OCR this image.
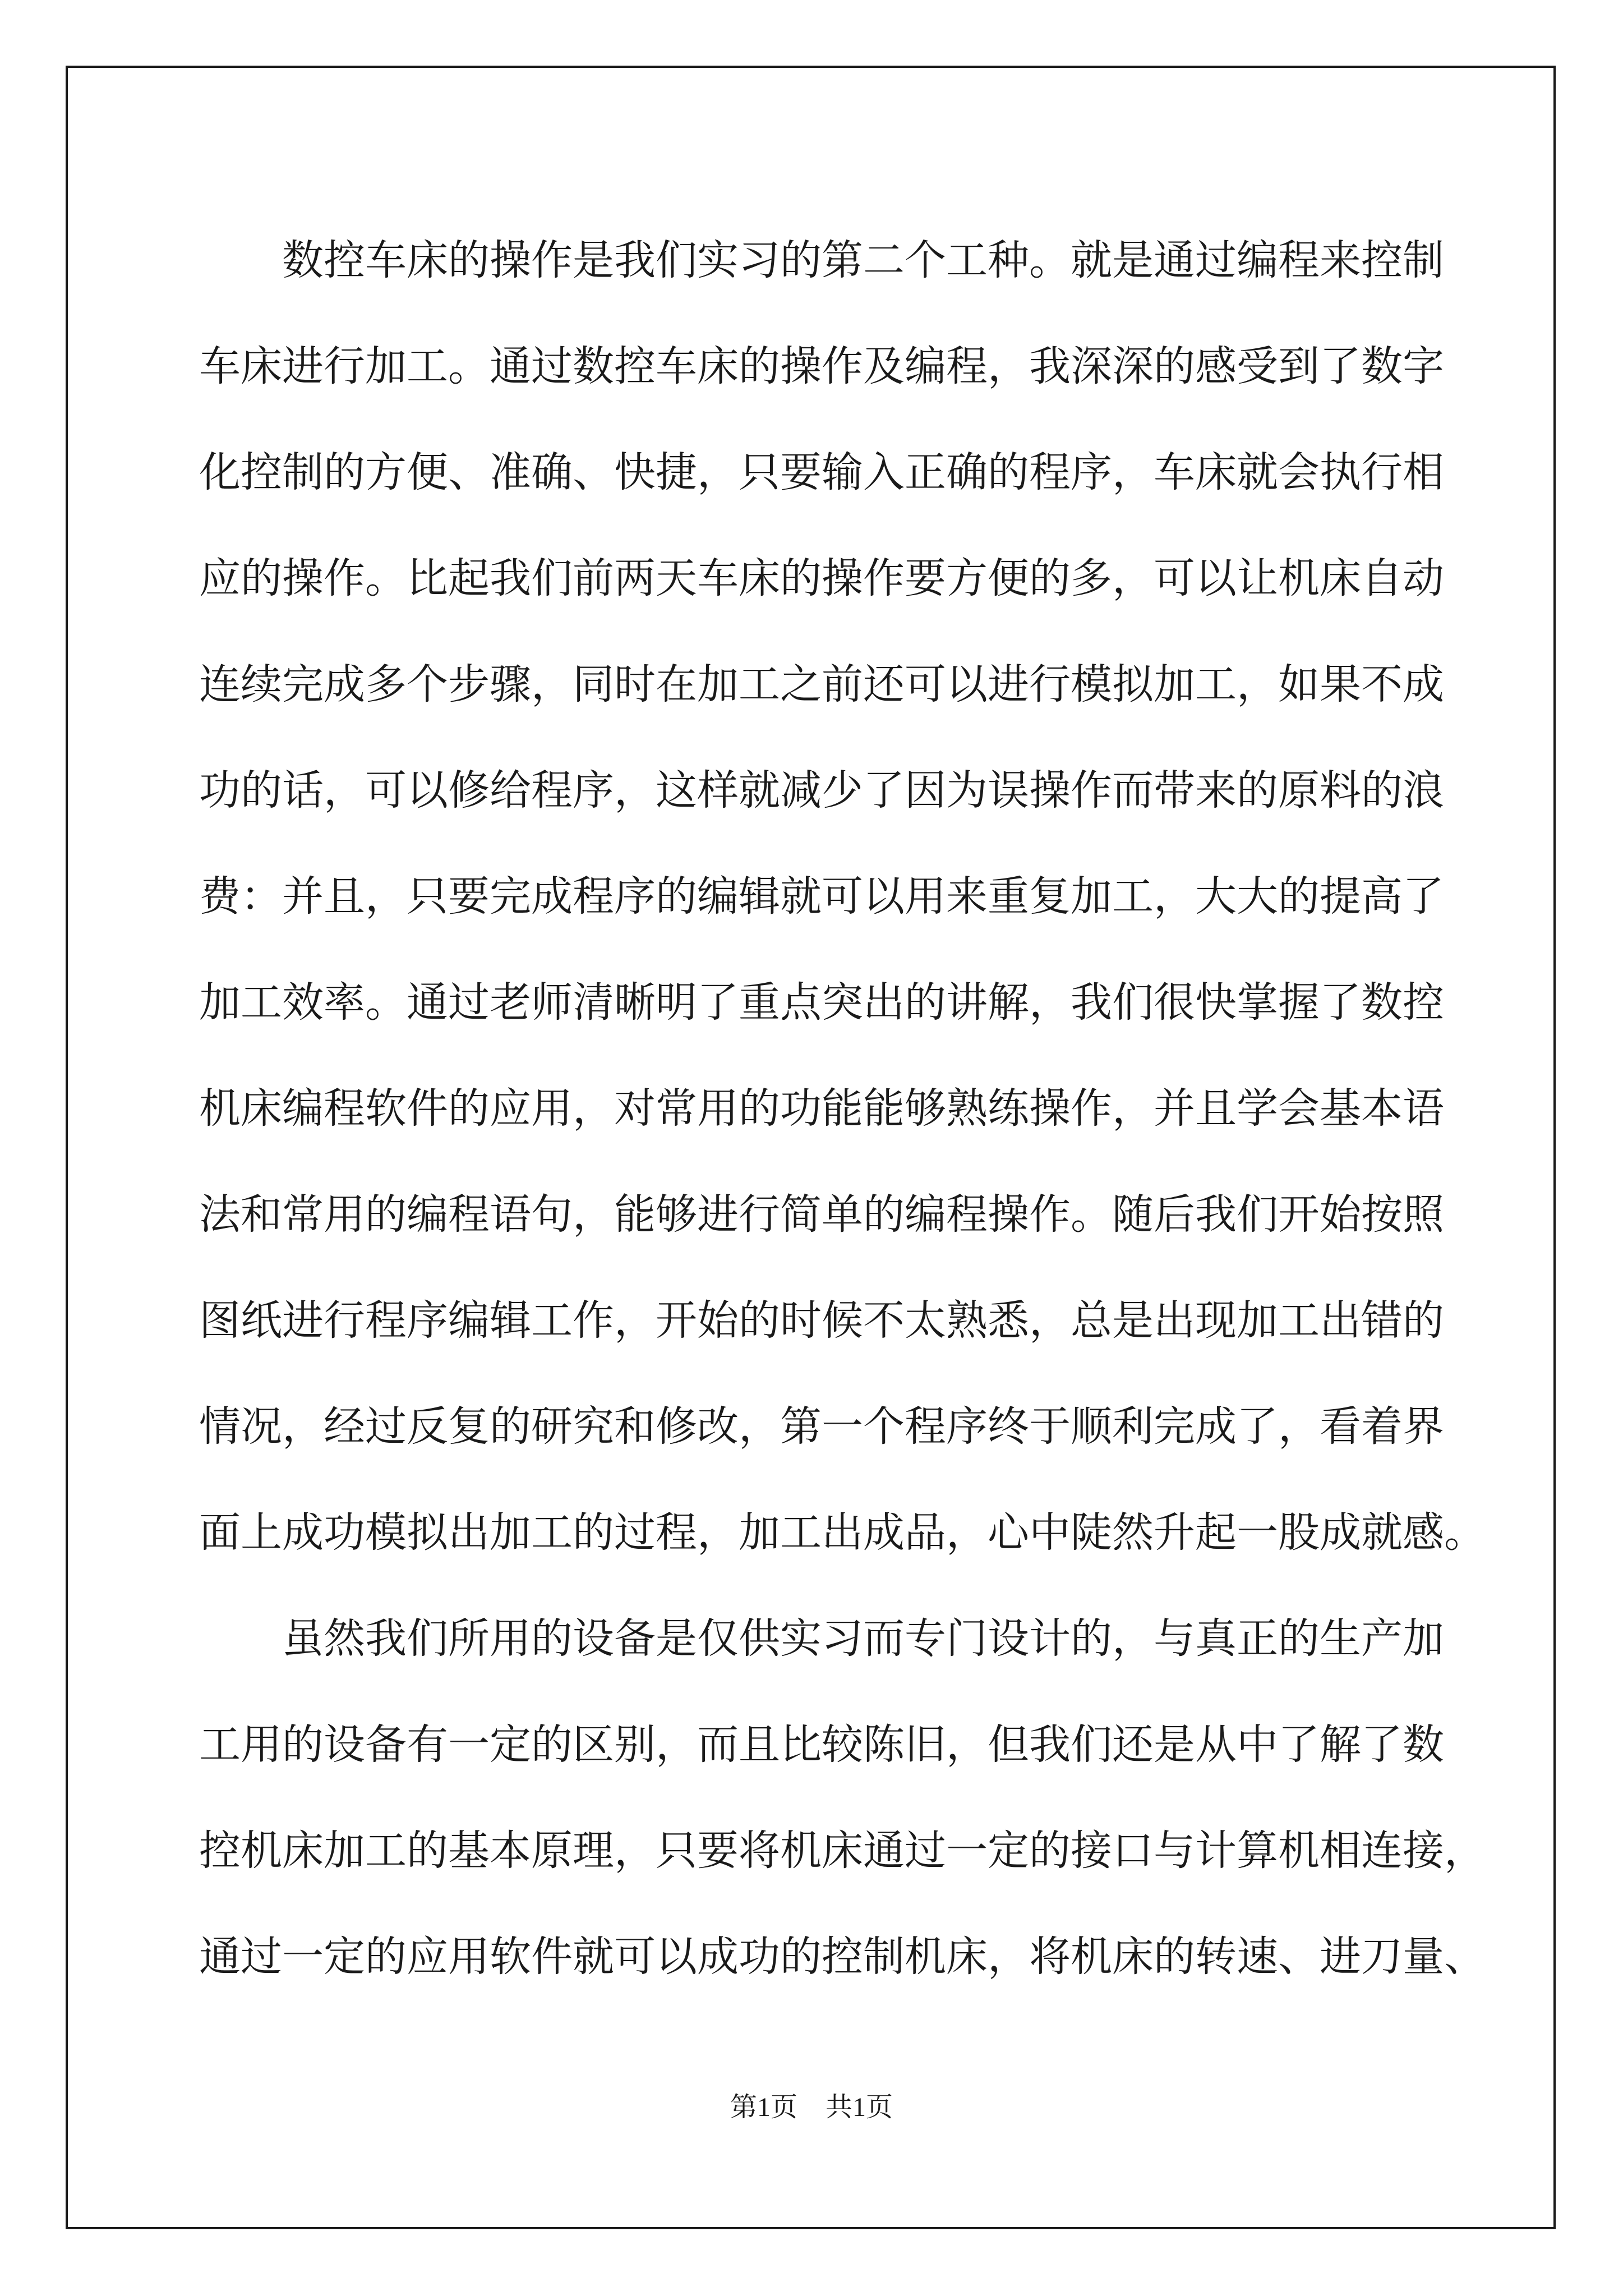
　　数控车床的操作是我们实习的第二个工种。就是通过编程来控制
车床进行加工。通过数控车床的操作及编程，我深深的感受到了数字
化控制的方便、准确、快捷，只要输入正确的程序，车床就会执行相
应的操作。比起我们前两天车床的操作要方便的多，可以让机床自动
连续完成多个步骤，同时在加工之前还可以进行模拟加工，如果不成
功的话，可以修给程序，这样就减少了因为误操作而带来的原料的浪
费：并且，只要完成程序的编辑就可以用来重复加工，大大的提高了
加工效率。通过老师清晰明了重点突出的讲解，我们很快掌握了数控
机床编程软件的应用，对常用的功能能够熟练操作，并且学会基本语
法和常用的编程语句，能够进行简单的编程操作。随后我们开始按照
图纸进行程序编辑工作，开始的时候不太熟悉，总是出现加工出错的
情况，经过反复的研究和修改，第一个程序终于顺利完成了，看着界
面上成功模拟出加工的过程，加工出成品，心中陡然升起一股成就感。
　　虽然我们所用的设备是仅供实习而专门设计的，与真正的生产加
工用的设备有一定的区别，而且比较陈旧，但我们还是从中了解了数
控机床加工的基本原理，只要将机床通过一定的接口与计算机相连接，
通过一定的应用软件就可以成功的控制机床，将机床的转速、进刀量、
第1页 共1页
